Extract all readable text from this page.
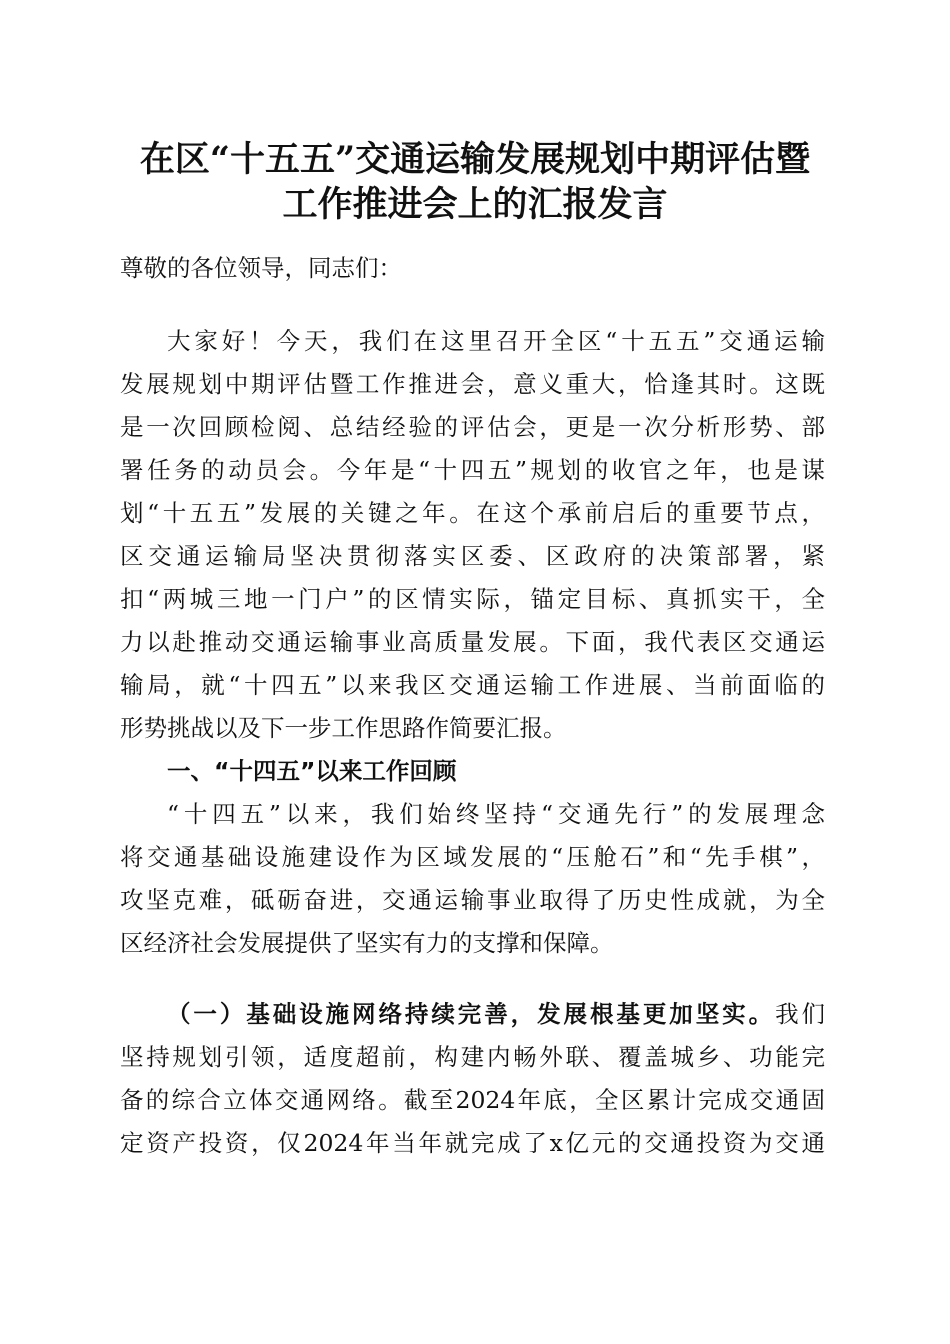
在区“十五五”交通运输发展规划中期评估暨
工作推进会上的汇报发言
尊敬的各位领导，同志们：
大家好！今天，我们在这里召开全区“十五五”交通运输
发展规划中期评估暨工作推进会，意义重大，恰逢其时。这既
是一次回顾检阅、总结经验的评估会，更是一次分析形势、部
署任务的动员会。今年是“十四五”规划的收官之年，也是谋
划“十五五”发展的关键之年。在这个承前启后的重要节点，
区交通运输局坚决贯彻落实区委、区政府的决策部署，紧
扣“两城三地一门户”的区情实际，锚定目标、真抓实干，全
力以赴推动交通运输事业高质量发展。下面，我代表区交通运
输局，就“十四五”以来我区交通运输工作进展、当前面临的
形势挑战以及下一步工作思路作简要汇报。
一、“十四五”以来工作回顾
“十四五”以来，我们始终坚持“交通先行”的发展理念
将交通基础设施建设作为区域发展的“压舱石”和“先手棋”，
攻坚克难，砥砺奋进，交通运输事业取得了历史性成就，为全
区经济社会发展提供了坚实有力的支撑和保障。
（一）基础设施网络持续完善，发展根基更加坚实。我们
坚持规划引领，适度超前，构建内畅外联、覆盖城乡、功能完
备的综合立体交通网络。截至2024年底，全区累计完成交通固
定资产投资，仅2024年当年就完成了x亿元的交通投资为交通
